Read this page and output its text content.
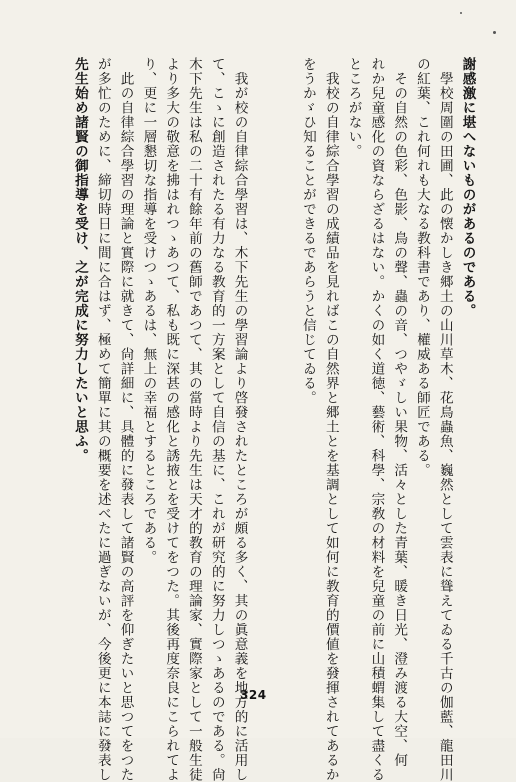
謝感激に堪へないものがあるのである。
　學校周圍の田圃、此の懐かしき郷土の山川草木、花鳥蟲魚、巍然として雲表に聳えてゐる千古の伽藍、龍田川
の紅葉、これ何れも大なる教科書であり、權威ある師匠である。
　その自然の色彩、色影、鳥の聲、蟲の音、つやゞしい果物、活々とした青葉、暖き日光、澄み渡る大空、何
れか兒童感化の資ならざるはない。かくの如く道徳、藝術、科學、宗敎の材料を兒童の前に山積蝟集して盡くる
ところがない。
　我校の自律綜合學習の成績品を見ればこの自然界と郷土とを基調として如何に教育的價値を發揮されてあるか
をうかゞひ知ることができるであらうと信じてゐる。
　我が校の自律綜合學習は、木下先生の學習論より啓發されたところが頗る多く、其の眞意義を地方的に活用し
て、こゝに創造されたる有力なる教育的一方案として自信の基に、これが研究的に努力しつゝあるのである。尙
木下先生は私の二十有餘年前の舊師であつて、其の當時より先生は天才的教育の理論家、實際家として一般生徒
より多大の敬意を拂はれつゝあつて、私も既に深甚の感化と誘掖とを受けてをつた。其後再度奈良にこられてよ
り、更に一層懇切な指導を受けつゝあるは、無上の幸福とするところである。
　此の自律綜合學習の理論と實際に就きて、尙詳細に、具體的に發表して諸賢の高評を仰ぎたいと思つてをつた
が多忙のために、締切時日に間に合はず、極めて簡單に其の概要を述べたに過ぎないが、今後更に本誌に發表し
先生始め諸賢の御指導を受け、之が完成に努力したいと思ふ。
324
